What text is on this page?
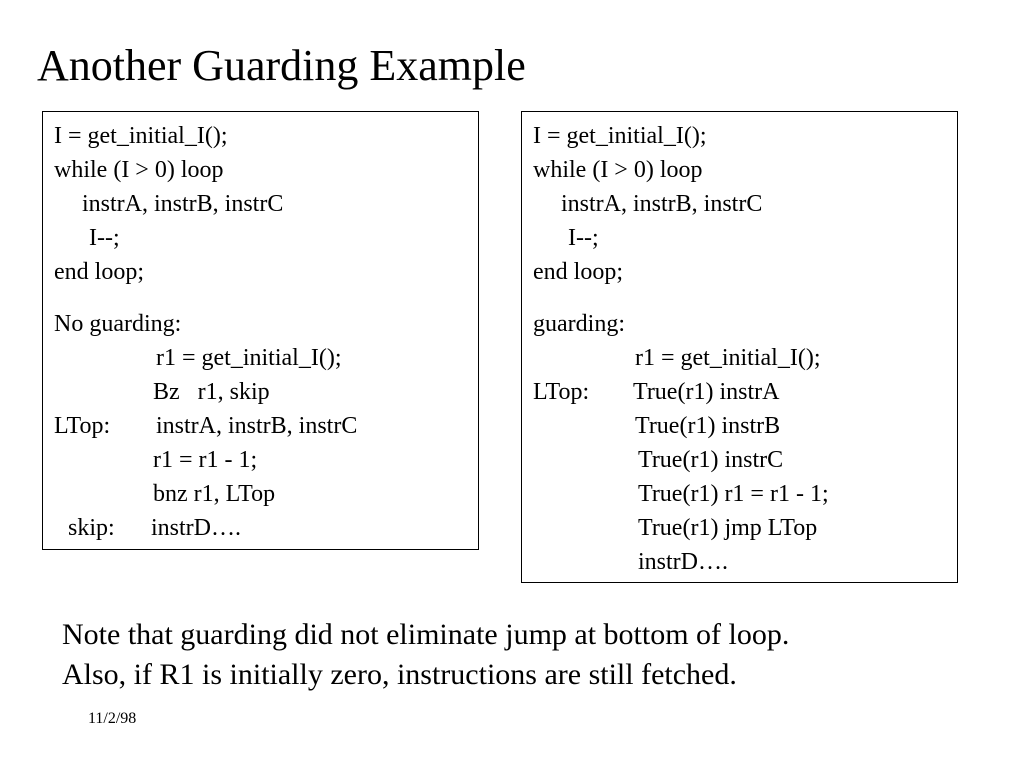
Another Guarding Example
I = get_initial_I();
while (I > 0) loop
instrA, instrB, instrC
I--;
end loop;
No guarding:
r1 = get_initial_I();
Bz   r1, skip
LTop: instrA, instrB, instrC
r1 = r1 - 1;
bnz r1, LTop
skip: instrD….
I = get_initial_I();
while (I > 0) loop
instrA, instrB, instrC
I--;
end loop;
guarding:
r1 = get_initial_I();
LTop: True(r1) instrA
True(r1) instrB
True(r1) instrC
True(r1) r1 = r1 - 1;
True(r1) jmp LTop
instrD….
Note that guarding did not eliminate jump at bottom of loop.
Also, if R1 is initially zero, instructions are still fetched.
11/2/98
